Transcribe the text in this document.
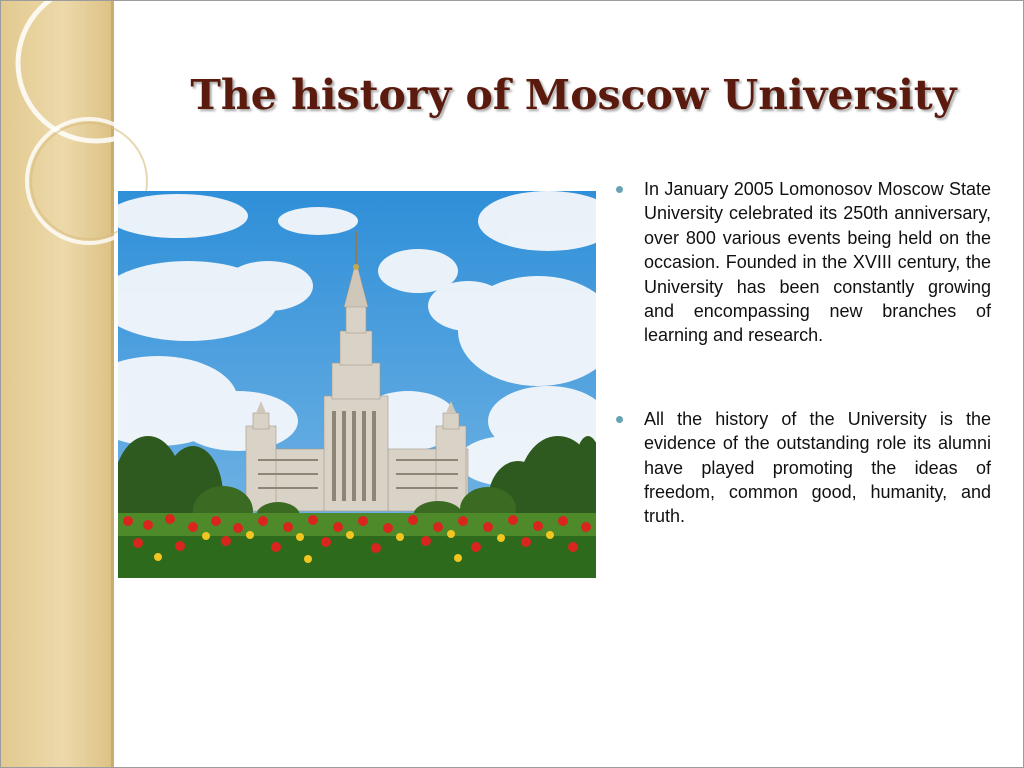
The history of Moscow University
In January 2005 Lomonosov Moscow State University celebrated its 250th anniversary, over 800 various events being held on the occasion. Founded in the XVIII century, the University has been constantly growing and encompassing new branches of learning and research.
All the history of the University is the evidence of the outstanding role its alumni have played promoting the ideas of freedom, common good, humanity, and truth.
